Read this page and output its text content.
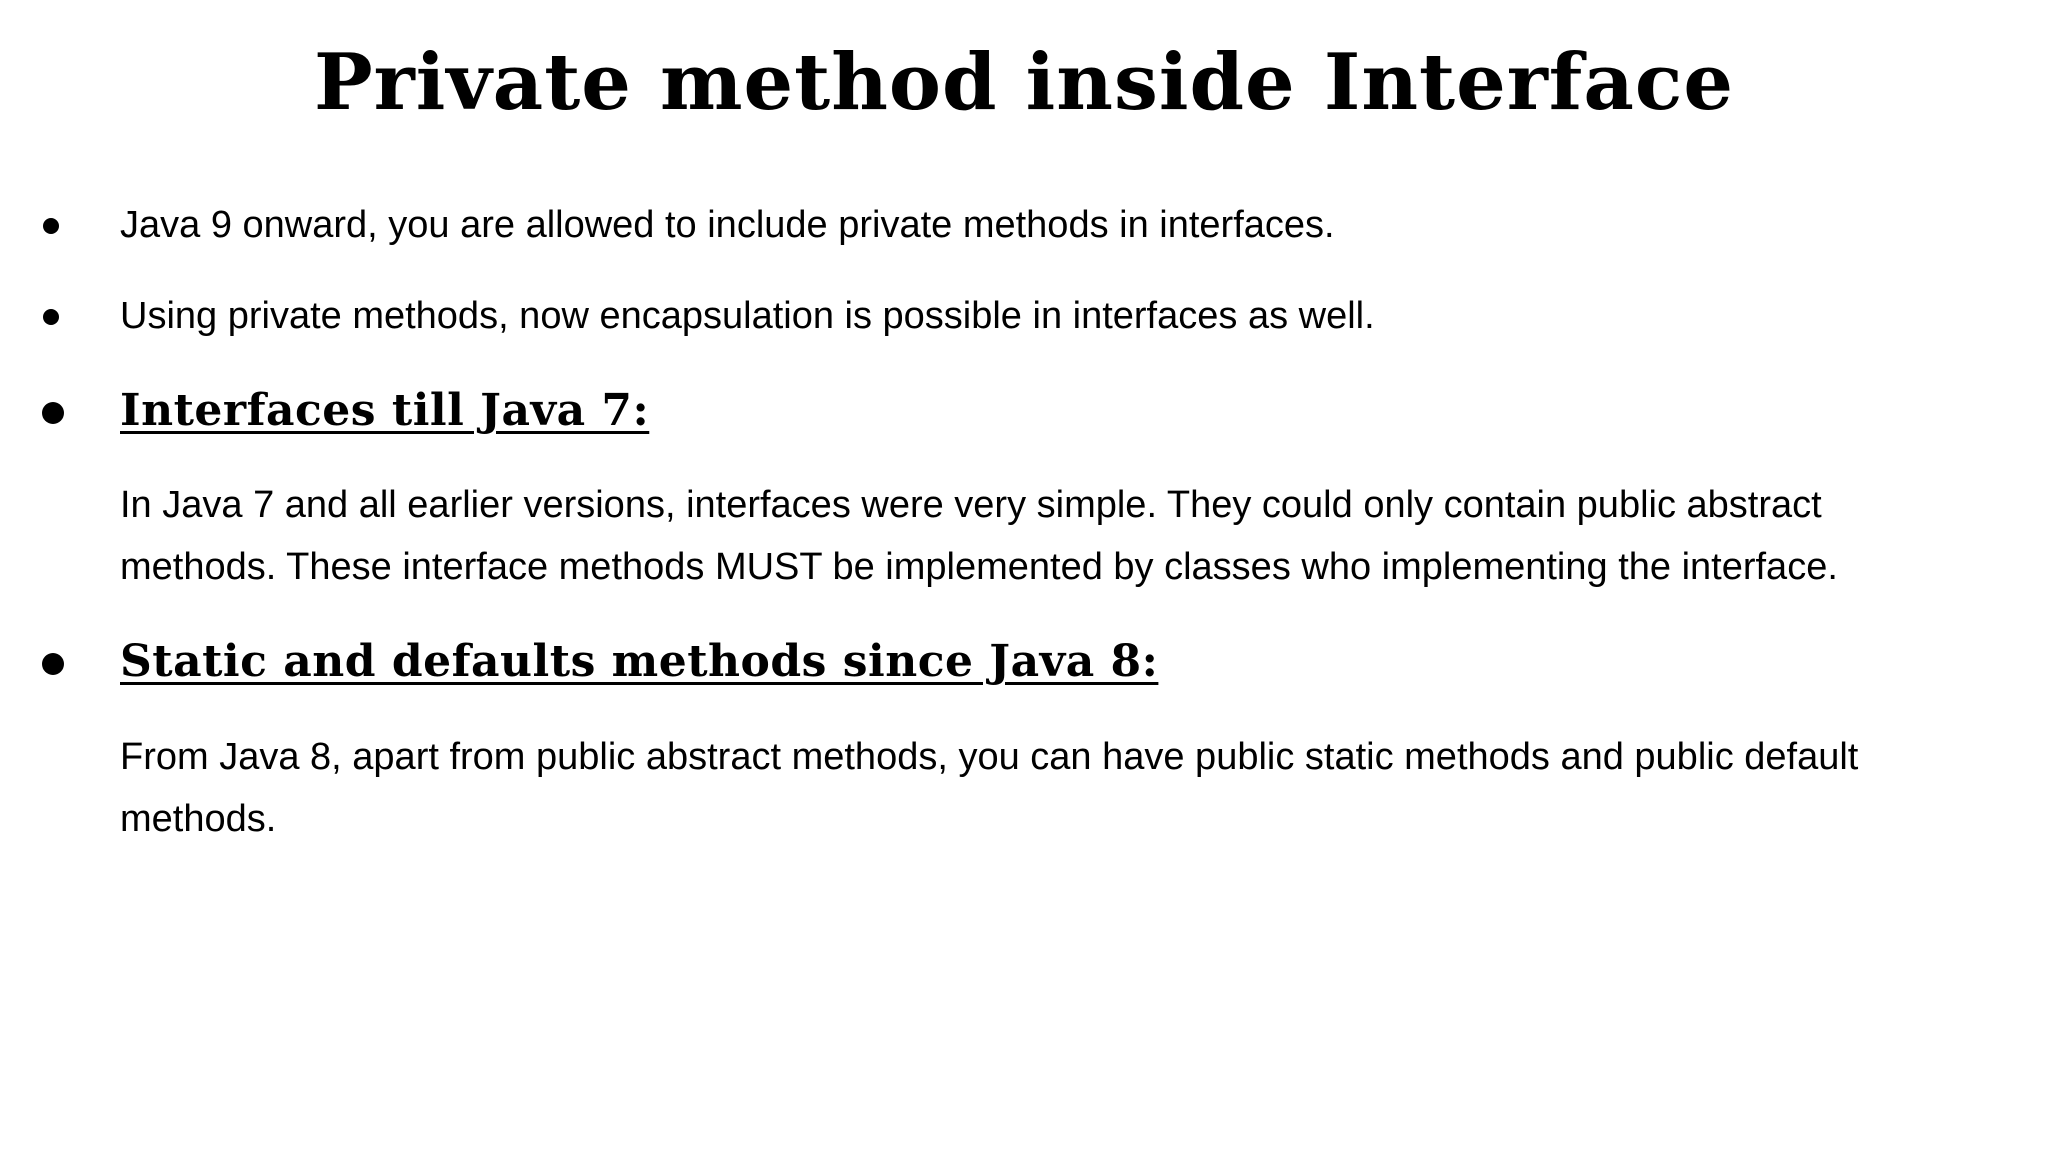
Private method inside Interface
Java 9 onward, you are allowed to include private methods in interfaces.
Using private methods, now encapsulation is possible in interfaces as well.
Interfaces till Java 7:
In Java 7 and all earlier versions, interfaces were very simple. They could only contain public abstract
methods. These interface methods MUST be implemented by classes who implementing the interface.
Static and defaults methods since Java 8:
From Java 8, apart from public abstract methods, you can have public static methods and public default
methods.
